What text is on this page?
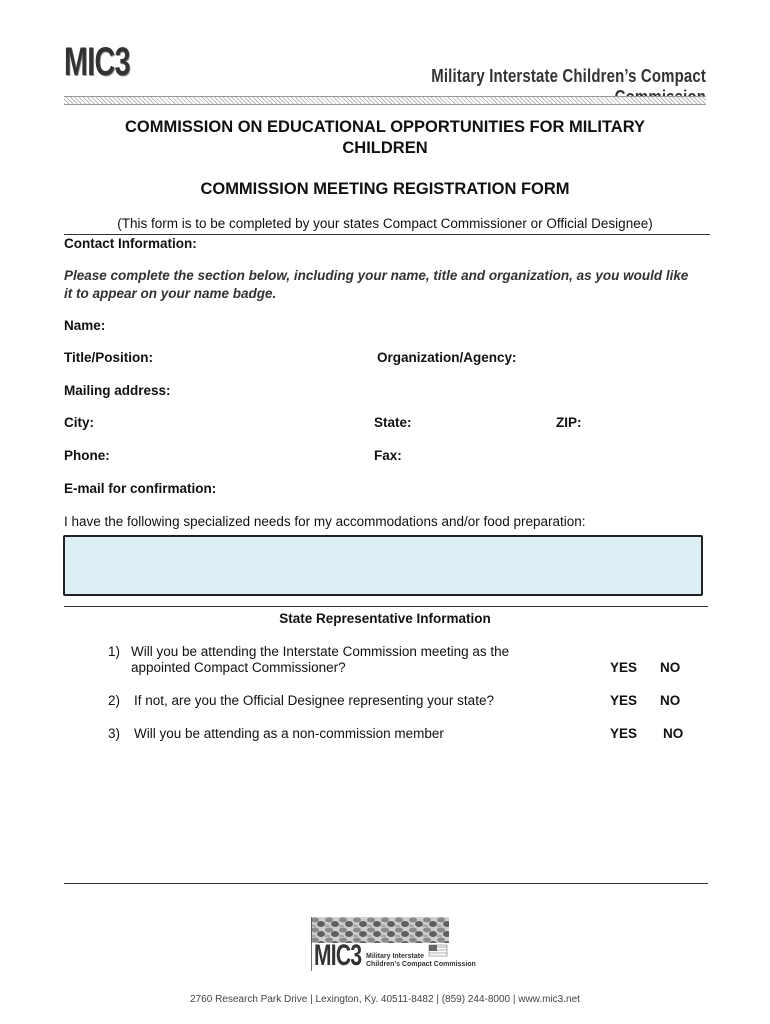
MIC3	Military Interstate Children’s Compact
COMMISSION ON EDUCATIONAL OPPORTUNITIES FOR MILITARY
CHILDREN
COMMISSION MEETING REGISTRATION FORM
(This form is to be completed by your states Compact Commissioner or Official Designee)
Contact Information:
Please complete the section below, including your name, title and organization, as you would like
it to appear on your name badge.
Name:
Title/Position:	Organization/Agency:
Mailing address:
City:	State:	ZIP:
Phone:	Fax:
E-mail for confirmation:
I have the following specialized needs for my accommodations and/or food preparation:
State Representative Information
1) Will you be attending the Interstate Commission meeting as the
appointed Compact Commissioner?	YES NO
2) If not, are you the Official Designee representing your state?	YES NO
3) Will you be attending as a non-commission member	YES NO
MIC3 Military Interstate
Children’s Compact Commission
2760 Research Park Drive | Lexington, Ky. 40511-8482 | (859) 244-8000 | www.mic3.net
